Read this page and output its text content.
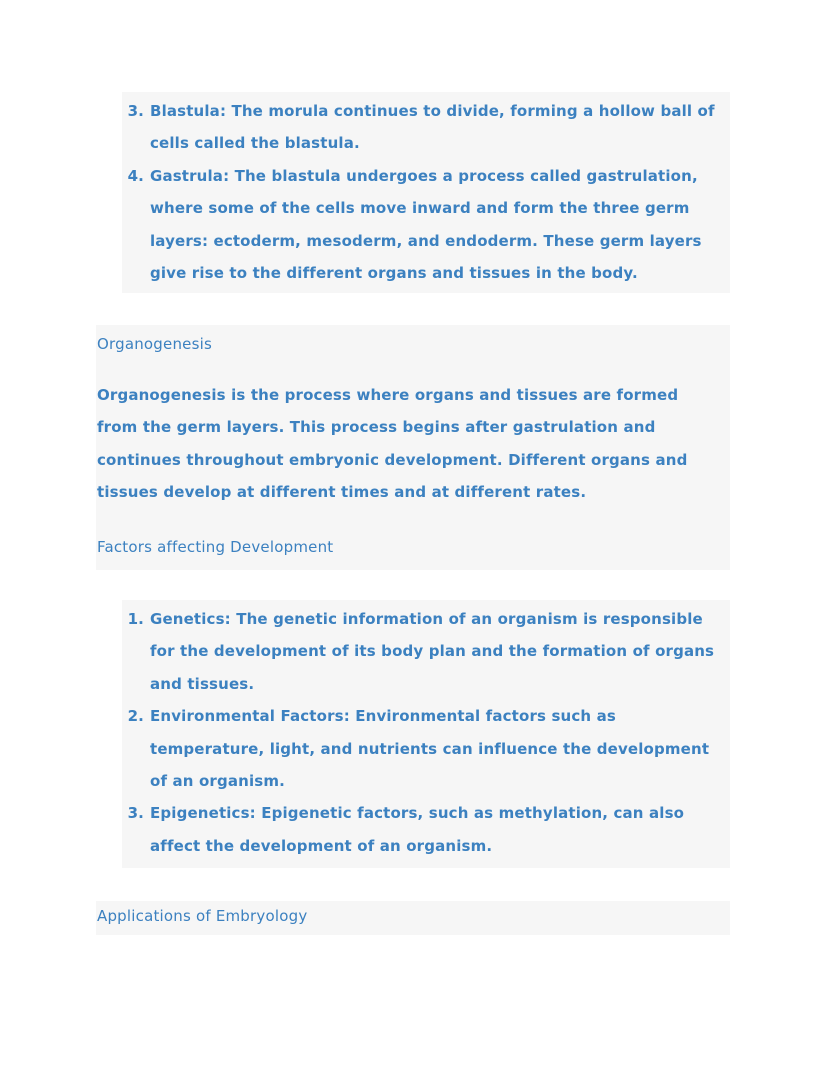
3. Blastula: The morula continues to divide, forming a hollow ball of cells called the blastula.
4. Gastrula: The blastula undergoes a process called gastrulation, where some of the cells move inward and form the three germ layers: ectoderm, mesoderm, and endoderm. These germ layers give rise to the different organs and tissues in the body.
Organogenesis
Organogenesis is the process where organs and tissues are formed from the germ layers. This process begins after gastrulation and continues throughout embryonic development. Different organs and tissues develop at different times and at different rates.
Factors affecting Development
1. Genetics: The genetic information of an organism is responsible for the development of its body plan and the formation of organs and tissues.
2. Environmental Factors: Environmental factors such as temperature, light, and nutrients can influence the development of an organism.
3. Epigenetics: Epigenetic factors, such as methylation, can also affect the development of an organism.
Applications of Embryology
